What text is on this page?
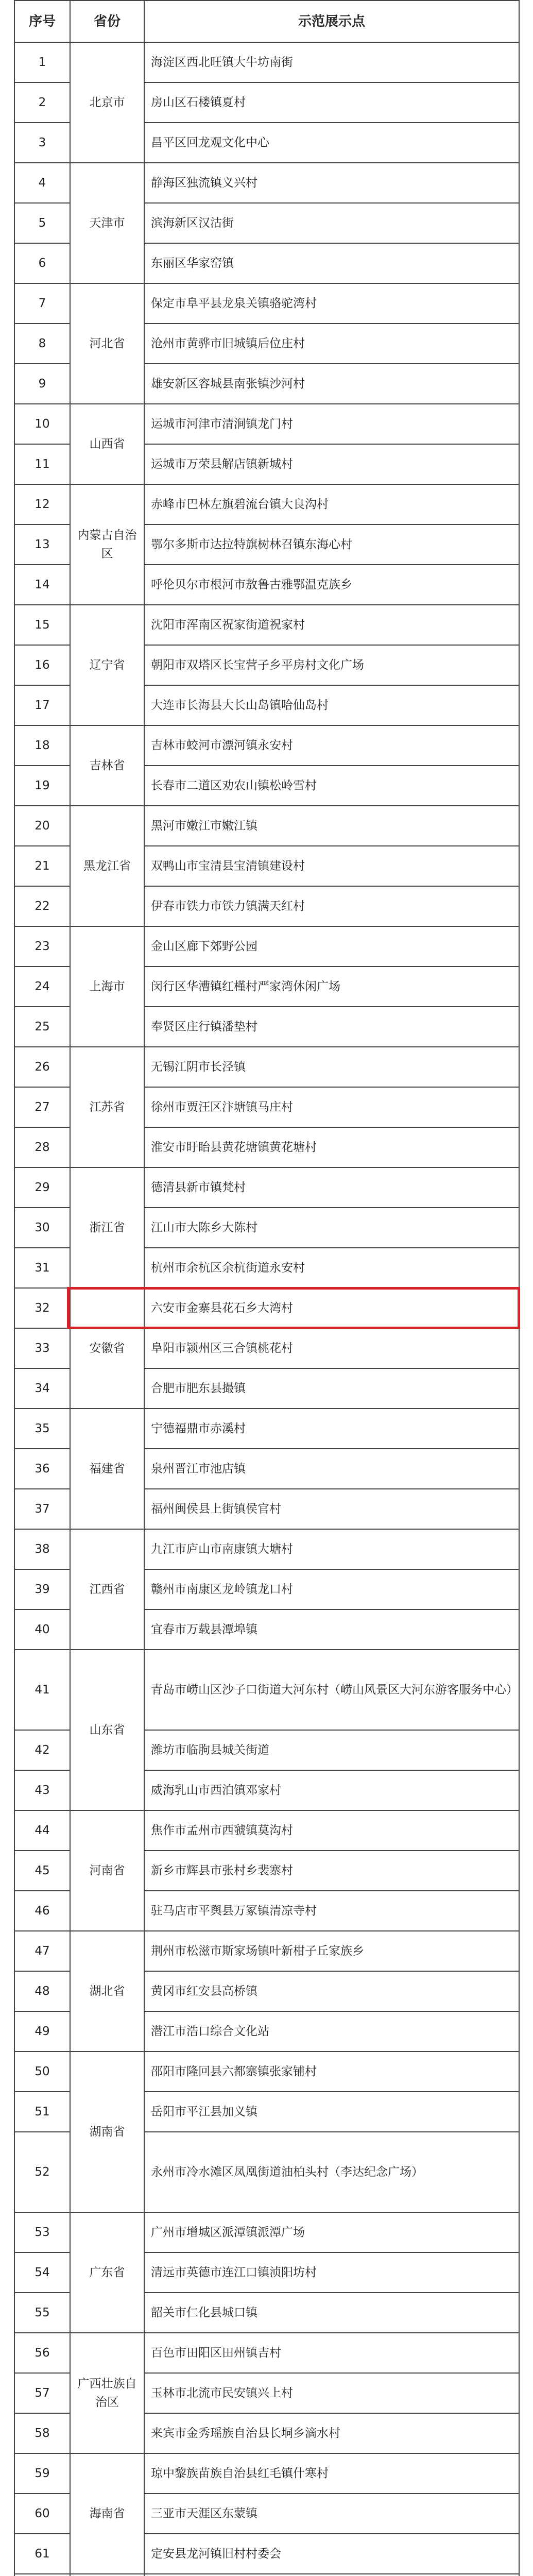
序号	省份	示范展示点
1	北京市	海淀区西北旺镇大牛坊南街
2		房山区石楼镇夏村
3		昌平区回龙观文化中心
4	天津市	静海区独流镇义兴村
5		滨海新区汉沽街
6		东丽区华家窑镇
7	河北省	保定市阜平县龙泉关镇骆驼湾村
8		沧州市黄骅市旧城镇后位庄村
9		雄安新区容城县南张镇沙河村
10	山西省	运城市河津市清涧镇龙门村
11		运城市万荣县解店镇新城村
12	内蒙古自治区	赤峰市巴林左旗碧流台镇大良沟村
13		鄂尔多斯市达拉特旗树林召镇东海心村
14		呼伦贝尔市根河市敖鲁古雅鄂温克族乡
15	辽宁省	沈阳市浑南区祝家街道祝家村
16		朝阳市双塔区长宝营子乡平房村文化广场
17		大连市长海县大长山岛镇哈仙岛村
18	吉林省	吉林市蛟河市漂河镇永安村
19		长春市二道区劝农山镇松岭雪村
20	黑龙江省	黑河市嫩江市嫩江镇
21		双鸭山市宝清县宝清镇建设村
22		伊春市铁力市铁力镇满天红村
23	上海市	金山区廊下郊野公园
24		闵行区华漕镇红槿村严家湾休闲广场
25		奉贤区庄行镇潘垫村
26	江苏省	无锡江阴市长泾镇
27		徐州市贾汪区汴塘镇马庄村
28		淮安市盱眙县黄花塘镇黄花塘村
29	浙江省	德清县新市镇梵村
30		江山市大陈乡大陈村
31		杭州市余杭区余杭街道永安村
32	安徽省	六安市金寨县花石乡大湾村
33		阜阳市颍州区三合镇桃花村
34		合肥市肥东县撮镇
35	福建省	宁德福鼎市赤溪村
36		泉州晋江市池店镇
37		福州闽侯县上街镇侯官村
38	江西省	九江市庐山市南康镇大塘村
39		赣州市南康区龙岭镇龙口村
40		宜春市万载县潭埠镇
41	山东省	青岛市崂山区沙子口街道大河东村（崂山风景区大河东游客服务中心）
42		潍坊市临朐县城关街道
43		威海乳山市西泊镇邓家村
44	河南省	焦作市孟州市西虢镇莫沟村
45		新乡市辉县市张村乡裴寨村
46		驻马店市平舆县万冢镇清凉寺村
47	湖北省	荆州市松滋市斯家场镇叶新柑子丘家族乡
48		黄冈市红安县高桥镇
49		潜江市浩口综合文化站
50	湖南省	邵阳市隆回县六都寨镇张家铺村
51		岳阳市平江县加义镇
52		永州市冷水滩区凤凰街道油柏头村（李达纪念广场）
53	广东省	广州市增城区派潭镇派潭广场
54		清远市英德市连江口镇浈阳坊村
55		韶关市仁化县城口镇
56	广西壮族自治区	百色市田阳区田州镇吉村
57		玉林市北流市民安镇兴上村
58		来宾市金秀瑶族自治县长垌乡滴水村
59	海南省	琼中黎族苗族自治县红毛镇什寒村
60		三亚市天涯区东蒙镇
61		定安县龙河镇旧村村委会
